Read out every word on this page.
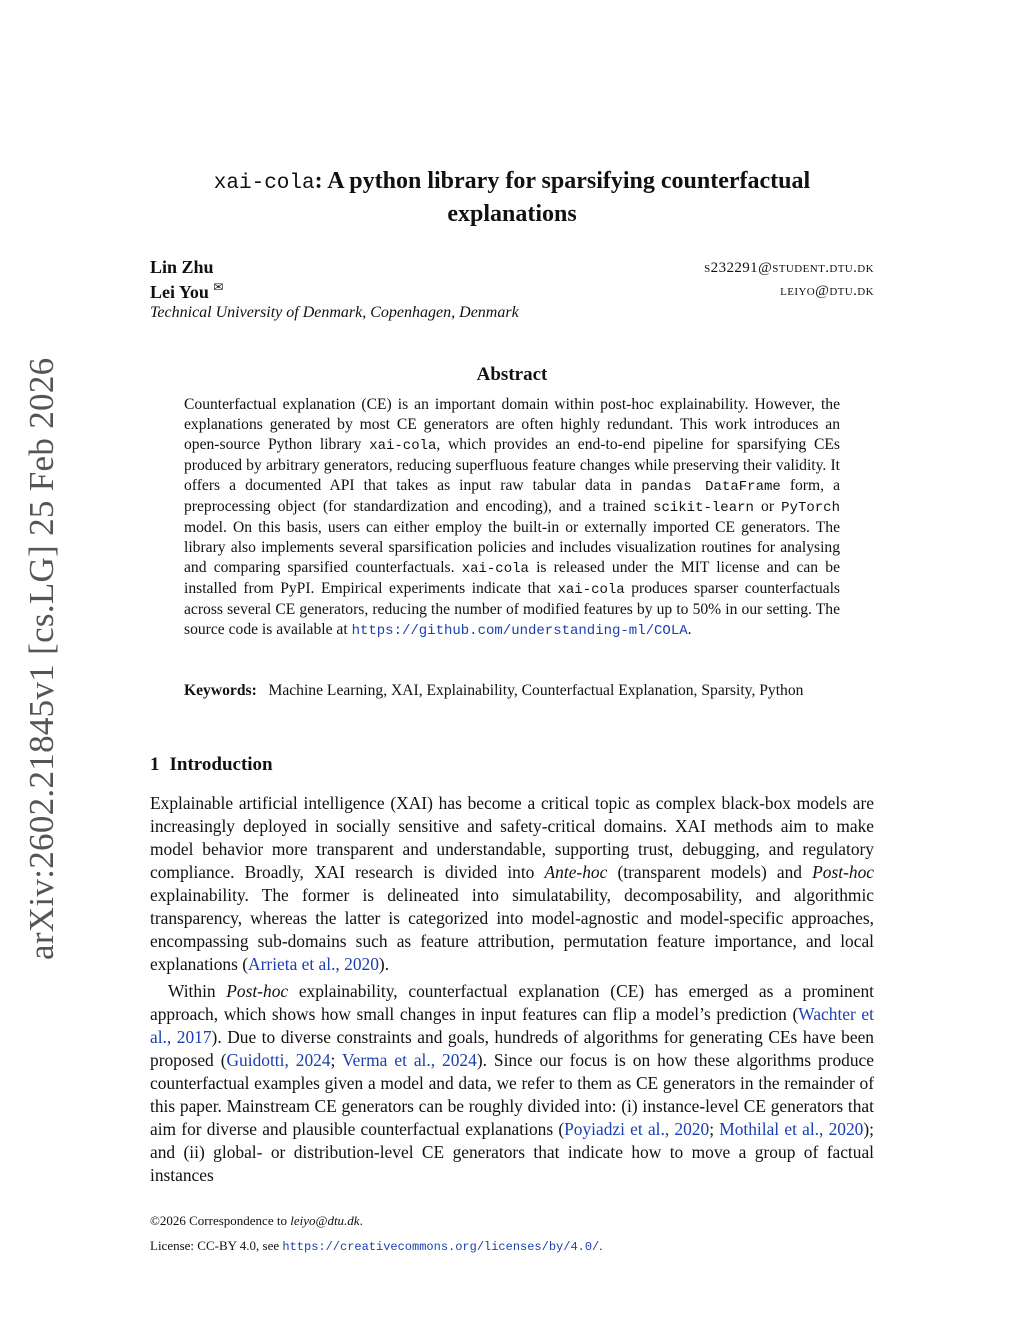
arXiv:2602.21845v1 [cs.LG] 25 Feb 2026
xai-cola: A python library for sparsifying counterfactual
explanations
Lin Zhu	s232291@student.dtu.dk
Lei You ✉	leiyo@dtu.dk
Technical University of Denmark, Copenhagen, Denmark
Abstract
Counterfactual explanation (CE) is an important domain within post-hoc explainability. However, the explanations generated by most CE generators are often highly redundant. This work introduces an open-source Python library xai-cola, which provides an end-to-end pipeline for sparsifying CEs produced by arbitrary generators, reducing superfluous feature changes while preserving their validity. It offers a documented API that takes as input raw tabular data in pandas DataFrame form, a preprocessing object (for standardization and encoding), and a trained scikit-learn or PyTorch model. On this basis, users can either employ the built-in or externally imported CE generators. The library also implements several sparsification policies and includes visualization routines for analysing and comparing sparsified counterfactuals. xai-cola is released under the MIT license and can be installed from PyPI. Empirical experiments indicate that xai-cola produces sparser counterfactuals across several CE generators, reducing the number of modified features by up to 50% in our setting. The source code is available at https://github.com/understanding-ml/COLA.
Keywords: Machine Learning, XAI, Explainability, Counterfactual Explanation, Sparsity, Python
1 Introduction
Explainable artificial intelligence (XAI) has become a critical topic as complex black-box models are increasingly deployed in socially sensitive and safety-critical domains. XAI methods aim to make model behavior more transparent and understandable, supporting trust, debugging, and regulatory compliance. Broadly, XAI research is divided into Ante-hoc (transparent models) and Post-hoc explainability. The former is delineated into simulatability, decomposability, and algorithmic transparency, whereas the latter is categorized into model-agnostic and model-specific approaches, encompassing sub-domains such as feature attribution, permutation feature importance, and local explanations (Arrieta et al., 2020).
Within Post-hoc explainability, counterfactual explanation (CE) has emerged as a prominent approach, which shows how small changes in input features can flip a model’s prediction (Wachter et al., 2017). Due to diverse constraints and goals, hundreds of algorithms for generating CEs have been proposed (Guidotti, 2024; Verma et al., 2024). Since our focus is on how these algorithms produce counterfactual examples given a model and data, we refer to them as CE generators in the remainder of this paper. Mainstream CE generators can be roughly divided into: (i) instance-level CE generators that aim for diverse and plausible counterfactual explanations (Poyiadzi et al., 2020; Mothilal et al., 2020); and (ii) global- or distribution-level CE generators that indicate how to move a group of factual instances
©2026 Correspondence to leiyo@dtu.dk.
License: CC-BY 4.0, see https://creativecommons.org/licenses/by/4.0/.
